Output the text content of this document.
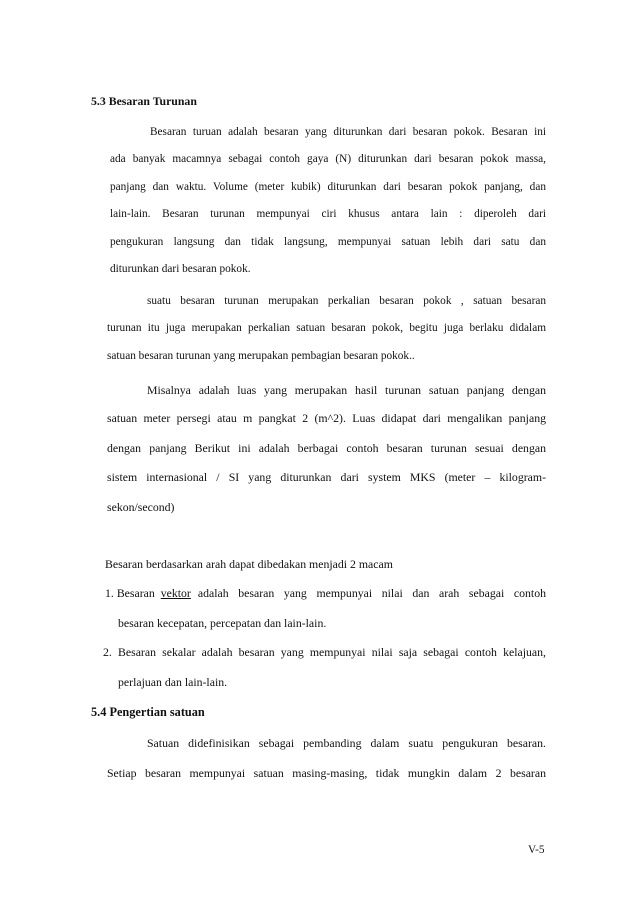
5.3 Besaran Turunan
Besaran turuan adalah besaran yang diturunkan dari besaran pokok. Besaran ini
ada banyak macamnya sebagai contoh gaya (N) diturunkan dari besaran pokok massa,
panjang dan waktu. Volume (meter kubik) diturunkan dari besaran pokok panjang, dan
lain-lain. Besaran turunan mempunyai ciri khusus antara lain : diperoleh dari
pengukuran langsung dan tidak langsung, mempunyai satuan lebih dari satu dan
diturunkan dari besaran pokok.
suatu besaran turunan merupakan perkalian besaran pokok , satuan besaran
turunan itu juga merupakan perkalian satuan besaran pokok, begitu juga berlaku didalam
satuan besaran turunan yang merupakan pembagian besaran pokok..
Misalnya adalah luas yang merupakan hasil turunan satuan panjang dengan
satuan meter persegi atau m pangkat 2 (m^2). Luas didapat dari mengalikan panjang
dengan panjang Berikut ini adalah berbagai contoh besaran turunan sesuai dengan
sistem internasional / SI yang diturunkan dari system MKS (meter – kilogram-
sekon/second)
Besaran berdasarkan arah dapat dibedakan menjadi 2 macam
1. Besaran vektor adalah besaran yang mempunyai nilai dan arah sebagai contoh
besaran kecepatan, percepatan dan lain-lain.
2. Besaran sekalar adalah besaran yang mempunyai nilai saja sebagai contoh kelajuan,
perlajuan dan lain-lain.
5.4 Pengertian satuan
Satuan didefinisikan sebagai pembanding dalam suatu pengukuran besaran.
Setiap besaran mempunyai satuan masing-masing, tidak mungkin dalam 2 besaran
V-5
